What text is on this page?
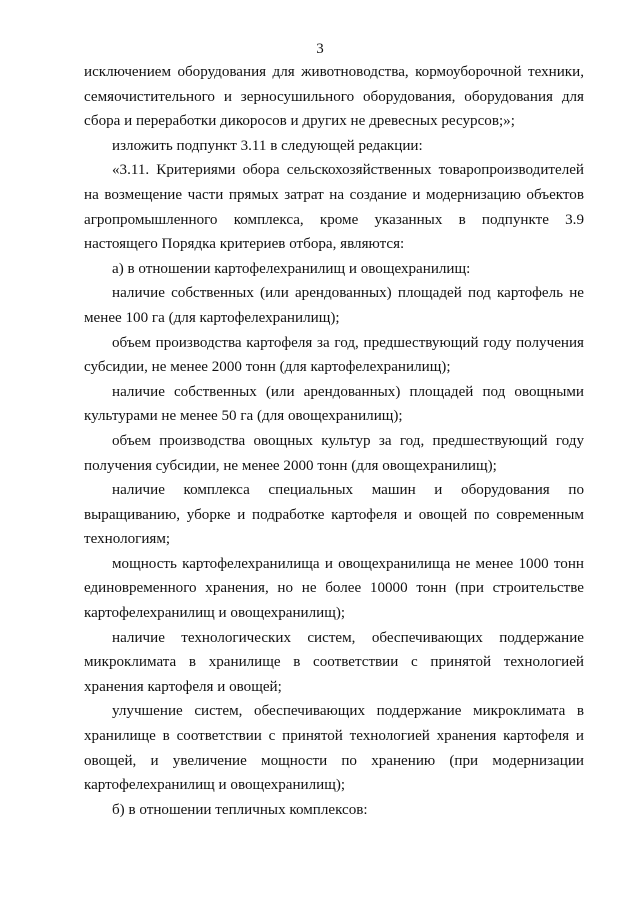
3

исключением оборудования для животноводства, кормоуборочной техники, семяочистительного и зерносушильного оборудования, оборудования для сбора и переработки дикоросов и других не древесных ресурсов;»;

изложить подпункт 3.11 в следующей редакции:

«3.11. Критериями обора сельскохозяйственных товаропроизводителей на возмещение части прямых затрат на создание и модернизацию объектов агропромышленного комплекса, кроме указанных в подпункте 3.9 настоящего Порядка критериев отбора, являются:

а) в отношении картофелехранилищ и овощехранилищ:

наличие собственных (или арендованных) площадей под картофель не менее 100 га (для картофелехранилищ);

объем производства картофеля за год, предшествующий году получения субсидии, не менее 2000 тонн (для картофелехранилищ);

наличие собственных (или арендованных) площадей под овощными культурами не менее 50 га (для овощехранилищ);

объем производства овощных культур за год, предшествующий году получения субсидии, не менее 2000 тонн (для овощехранилищ);

наличие комплекса специальных машин и оборудования по выращиванию, уборке и подработке картофеля и овощей по современным технологиям;

мощность картофелехранилища и овощехранилища не менее 1000 тонн единовременного хранения, но не более 10000 тонн (при строительстве картофелехранилищ и овощехранилищ);

наличие технологических систем, обеспечивающих поддержание микроклимата в хранилище в соответствии с принятой технологией хранения картофеля и овощей;

улучшение систем, обеспечивающих поддержание микроклимата в хранилище в соответствии с принятой технологией хранения картофеля и овощей, и увеличение мощности по хранению (при модернизации картофелехранилищ и овощехранилищ);

б) в отношении тепличных комплексов:
